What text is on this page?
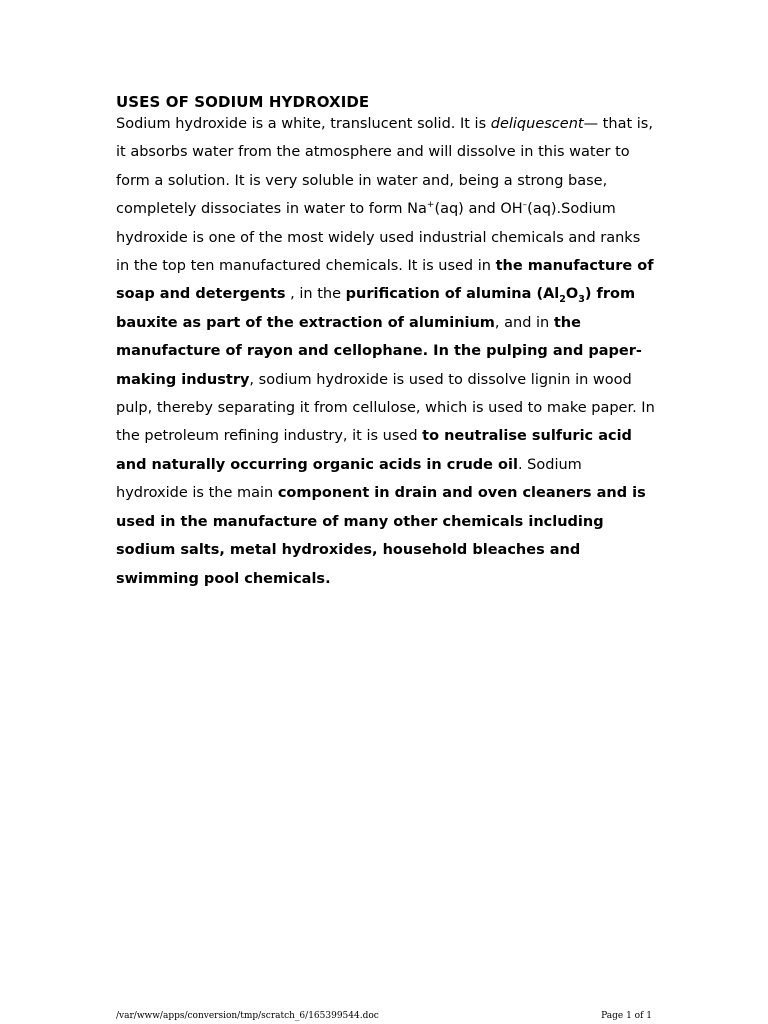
USES OF SODIUM HYDROXIDE

Sodium hydroxide is a white, translucent solid. It is deliquescent— that is, it absorbs water from the atmosphere and will dissolve in this water to form a solution. It is very soluble in water and, being a strong base, completely dissociates in water to form Na+(aq) and OH–(aq).Sodium hydroxide is one of the most widely used industrial chemicals and ranks in the top ten manufactured chemicals. It is used in the manufacture of soap and detergents , in the purification of alumina $(Al_2O_3)$ from bauxite as part of the extraction of aluminium, and in the manufacture of rayon and cellophane. In the pulping and paper-making industry, sodium hydroxide is used to dissolve lignin in wood pulp, thereby separating it from cellulose, which is used to make paper. In the petroleum refining industry, it is used to neutralise sulfuric acid and naturally occurring organic acids in crude oil. Sodium hydroxide is the main component in drain and oven cleaners and is used in the manufacture of many other chemicals including sodium salts, metal hydroxides, household bleaches and swimming pool chemicals.

/var/www/apps/conversion/tmp/scratch_6/165399544.doc	Page 1 of 1
